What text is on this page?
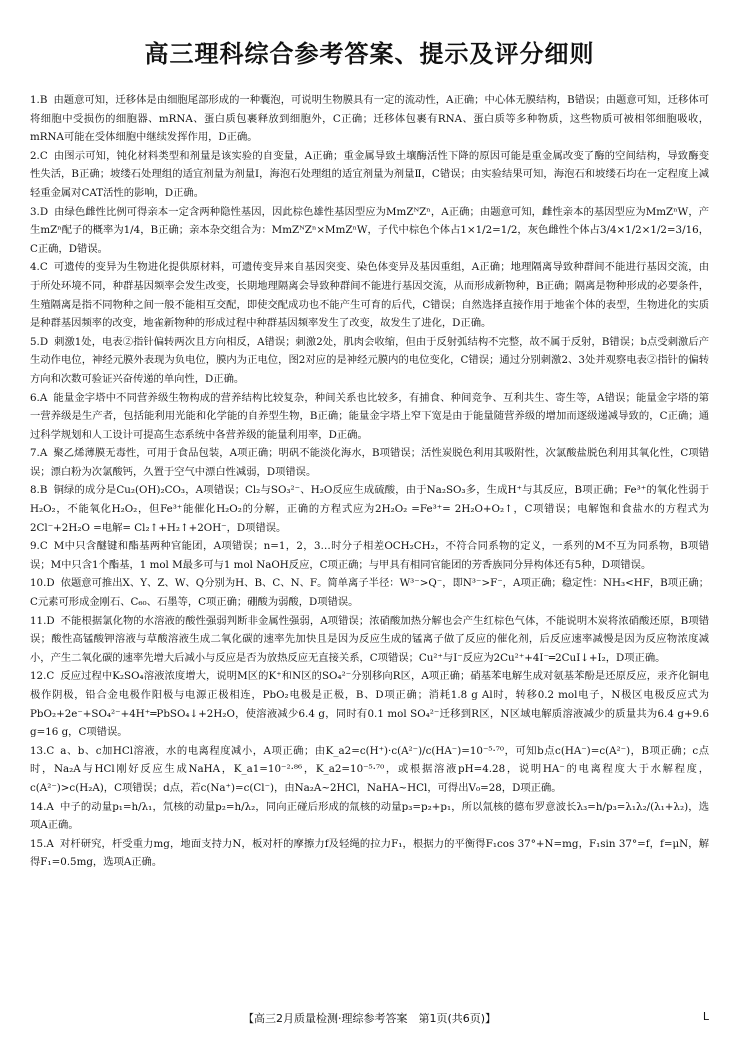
高三理科综合参考答案、提示及评分细则

1.B 由题意可知，迁移体是由细胞尾部形成的一种囊泡，可说明生物膜具有一定的流动性，A正确；中心体无膜结构，B错误；由题意可知，迁移体可将细胞中受损伤的细胞器、mRNA、蛋白质包裹释放到细胞外，C正确；迁移体包裹有RNA、蛋白质等多种物质，这些物质可被相邻细胞吸收，mRNA可能在受体细胞中继续发挥作用，D正确。

2.C 由图示可知，钝化材料类型和剂量是该实验的自变量，A正确；重金属导致土壤酶活性下降的原因可能是重金属改变了酶的空间结构，导致酶变性失活，B正确；坡缕石处理组的适宜剂量为剂量Ⅰ，海泡石处理组的适宜剂量为剂量Ⅱ，C错误；由实验结果可知，海泡石和坡缕石均在一定程度上减轻重金属对CAT活性的影响，D正确。

3.D 由绿色雌性比例可得亲本一定含两种隐性基因，因此棕色雄性基因型应为MmZᴺZⁿ，A正确；由题意可知，雌性亲本的基因型应为MmZⁿW，产生mZⁿ配子的概率为1/4，B正确；亲本杂交组合为：MmZᴺZⁿ×MmZⁿW，子代中棕色个体占1×1/2=1/2，灰色雌性个体占3/4×1/2×1/2=3/16，C正确，D错误。

4.C 可遗传的变异为生物进化提供原材料，可遗传变异来自基因突变、染色体变异及基因重组，A正确；地理隔离导致种群间不能进行基因交流，由于所处环境不同，种群基因频率会发生改变，长期地理隔离会导致种群间不能进行基因交流，从而形成新物种，B正确；隔离是物种形成的必要条件，生殖隔离是指不同物种之间一般不能相互交配，即使交配成功也不能产生可育的后代，C错误；自然选择直接作用于地雀个体的表型，生物进化的实质是种群基因频率的改变，地雀新物种的形成过程中种群基因频率发生了改变，故发生了进化，D正确。

5.D 刺激1处，电表②指针偏转两次且方向相反，A错误；刺激2处，肌肉会收缩，但由于反射弧结构不完整，故不属于反射，B错误；b点受刺激后产生动作电位，神经元膜外表现为负电位，膜内为正电位，图2对应的是神经元膜内的电位变化，C错误；通过分别刺激2、3处并观察电表②指针的偏转方向和次数可验证兴奋传递的单向性，D正确。

6.A 能量金字塔中不同营养级生物构成的营养结构比较复杂，种间关系也比较多，有捕食、种间竞争、互利共生、寄生等，A错误；能量金字塔的第一营养级是生产者，包括能利用光能和化学能的自养型生物，B正确；能量金字塔上窄下宽是由于能量随营养级的增加而逐级递减导致的，C正确；通过科学规划和人工设计可提高生态系统中各营养级的能量利用率，D正确。

7.A 聚乙烯薄膜无毒性，可用于食品包装，A项正确；明矾不能淡化海水，B项错误；活性炭脱色利用其吸附性，次氯酸盐脱色利用其氧化性，C项错误；漂白粉为次氯酸钙，久置于空气中漂白性减弱，D项错误。

8.B 铜绿的成分是Cu₂(OH)₂CO₃，A项错误；Cl₂与SO₃²⁻、H₂O反应生成硫酸，由于Na₂SO₃多，生成H⁺与其反应，B项正确；Fe³⁺的氧化性弱于H₂O₂，不能氧化H₂O₂，但Fe³⁺能催化H₂O₂的分解，正确的方程式应为2H₂O₂ =Fe³⁺= 2H₂O+O₂↑，C项错误；电解饱和食盐水的方程式为2Cl⁻+2H₂O =电解= Cl₂↑+H₂↑+2OH⁻，D项错误。

9.C M中只含醚键和酯基两种官能团，A项错误；n=1，2，3…时分子相差OCH₂CH₂，不符合同系物的定义，一系列的M不互为同系物，B项错误；M中只含1个酯基，1 mol M最多可与1 mol NaOH反应，C项正确；与甲具有相同官能团的芳香族同分异构体还有5种，D项错误。

10.D 依题意可推出X、Y、Z、W、Q分别为H、B、C、N、F。简单离子半径：W³⁻>Q⁻，即N³⁻>F⁻，A项正确；稳定性：NH₃<HF，B项正确；C元素可形成金刚石、C₆₀、石墨等，C项正确；硼酸为弱酸，D项错误。

11.D 不能根据氯化物的水溶液的酸性强弱判断非金属性强弱，A项错误；浓硝酸加热分解也会产生红棕色气体，不能说明木炭将浓硝酸还原，B项错误；酸性高锰酸钾溶液与草酸溶液生成二氧化碳的速率先加快且是因为反应生成的锰离子做了反应的催化剂，后反应速率减慢是因为反应物浓度减小，产生二氧化碳的速率先增大后减小与反应是否为放热反应无直接关系，C项错误；Cu²⁺与I⁻反应为2Cu²⁺+4I⁻═2CuI↓+I₂，D项正确。

12.C 反应过程中K₂SO₄溶液浓度增大，说明M区的K⁺和N区的SO₄²⁻分别移向R区，A项正确；硝基苯电解生成对氨基苯酚是还原反应，汞齐化铜电极作阴极，铅合金电极作阳极与电源正极相连，PbO₂电极是正极，B、D项正确；消耗1.8 g Al时，转移0.2 mol电子，N极区电极反应式为PbO₂+2e⁻+SO₄²⁻+4H⁺═PbSO₄↓+2H₂O，使溶液减少6.4 g，同时有0.1 mol SO₄²⁻迁移到R区，N区域电解质溶液减少的质量共为6.4 g+9.6 g=16 g，C项错误。

13.C a、b、c加HCl溶液，水的电离程度减小，A项正确；由K_a2=c(H⁺)·c(A²⁻)/c(HA⁻)=10⁻⁵·⁷⁰，可知b点c(HA⁻)=c(A²⁻)，B项正确；c点时，Na₂A与HCl刚好反应生成NaHA，K_a1=10⁻²·⁸⁶，K_a2=10⁻⁵·⁷⁰，或根据溶液pH=4.28，说明HA⁻的电离程度大于水解程度，c(A²⁻)>c(H₂A)，C项错误；d点，若c(Na⁺)=c(Cl⁻)，由Na₂A~2HCl，NaHA~HCl，可得出V₀=28，D项正确。

14.A 中子的动量p₁=h/λ₁，氘核的动量p₂=h/λ₂，同向正碰后形成的氚核的动量p₃=p₂+p₁，所以氚核的德布罗意波长λ₃=h/p₃=λ₁λ₂/(λ₁+λ₂)，选项A正确。

15.A 对杆研究，杆受重力mg，地面支持力N，板对杆的摩擦力f及轻绳的拉力F₁，根据力的平衡得F₁cos 37°+N=mg，F₁sin 37°=f，f=μN，解得F₁=0.5mg，选项A正确。

【高三2月质量检测·理综参考答案　第1页(共6页)】	L
